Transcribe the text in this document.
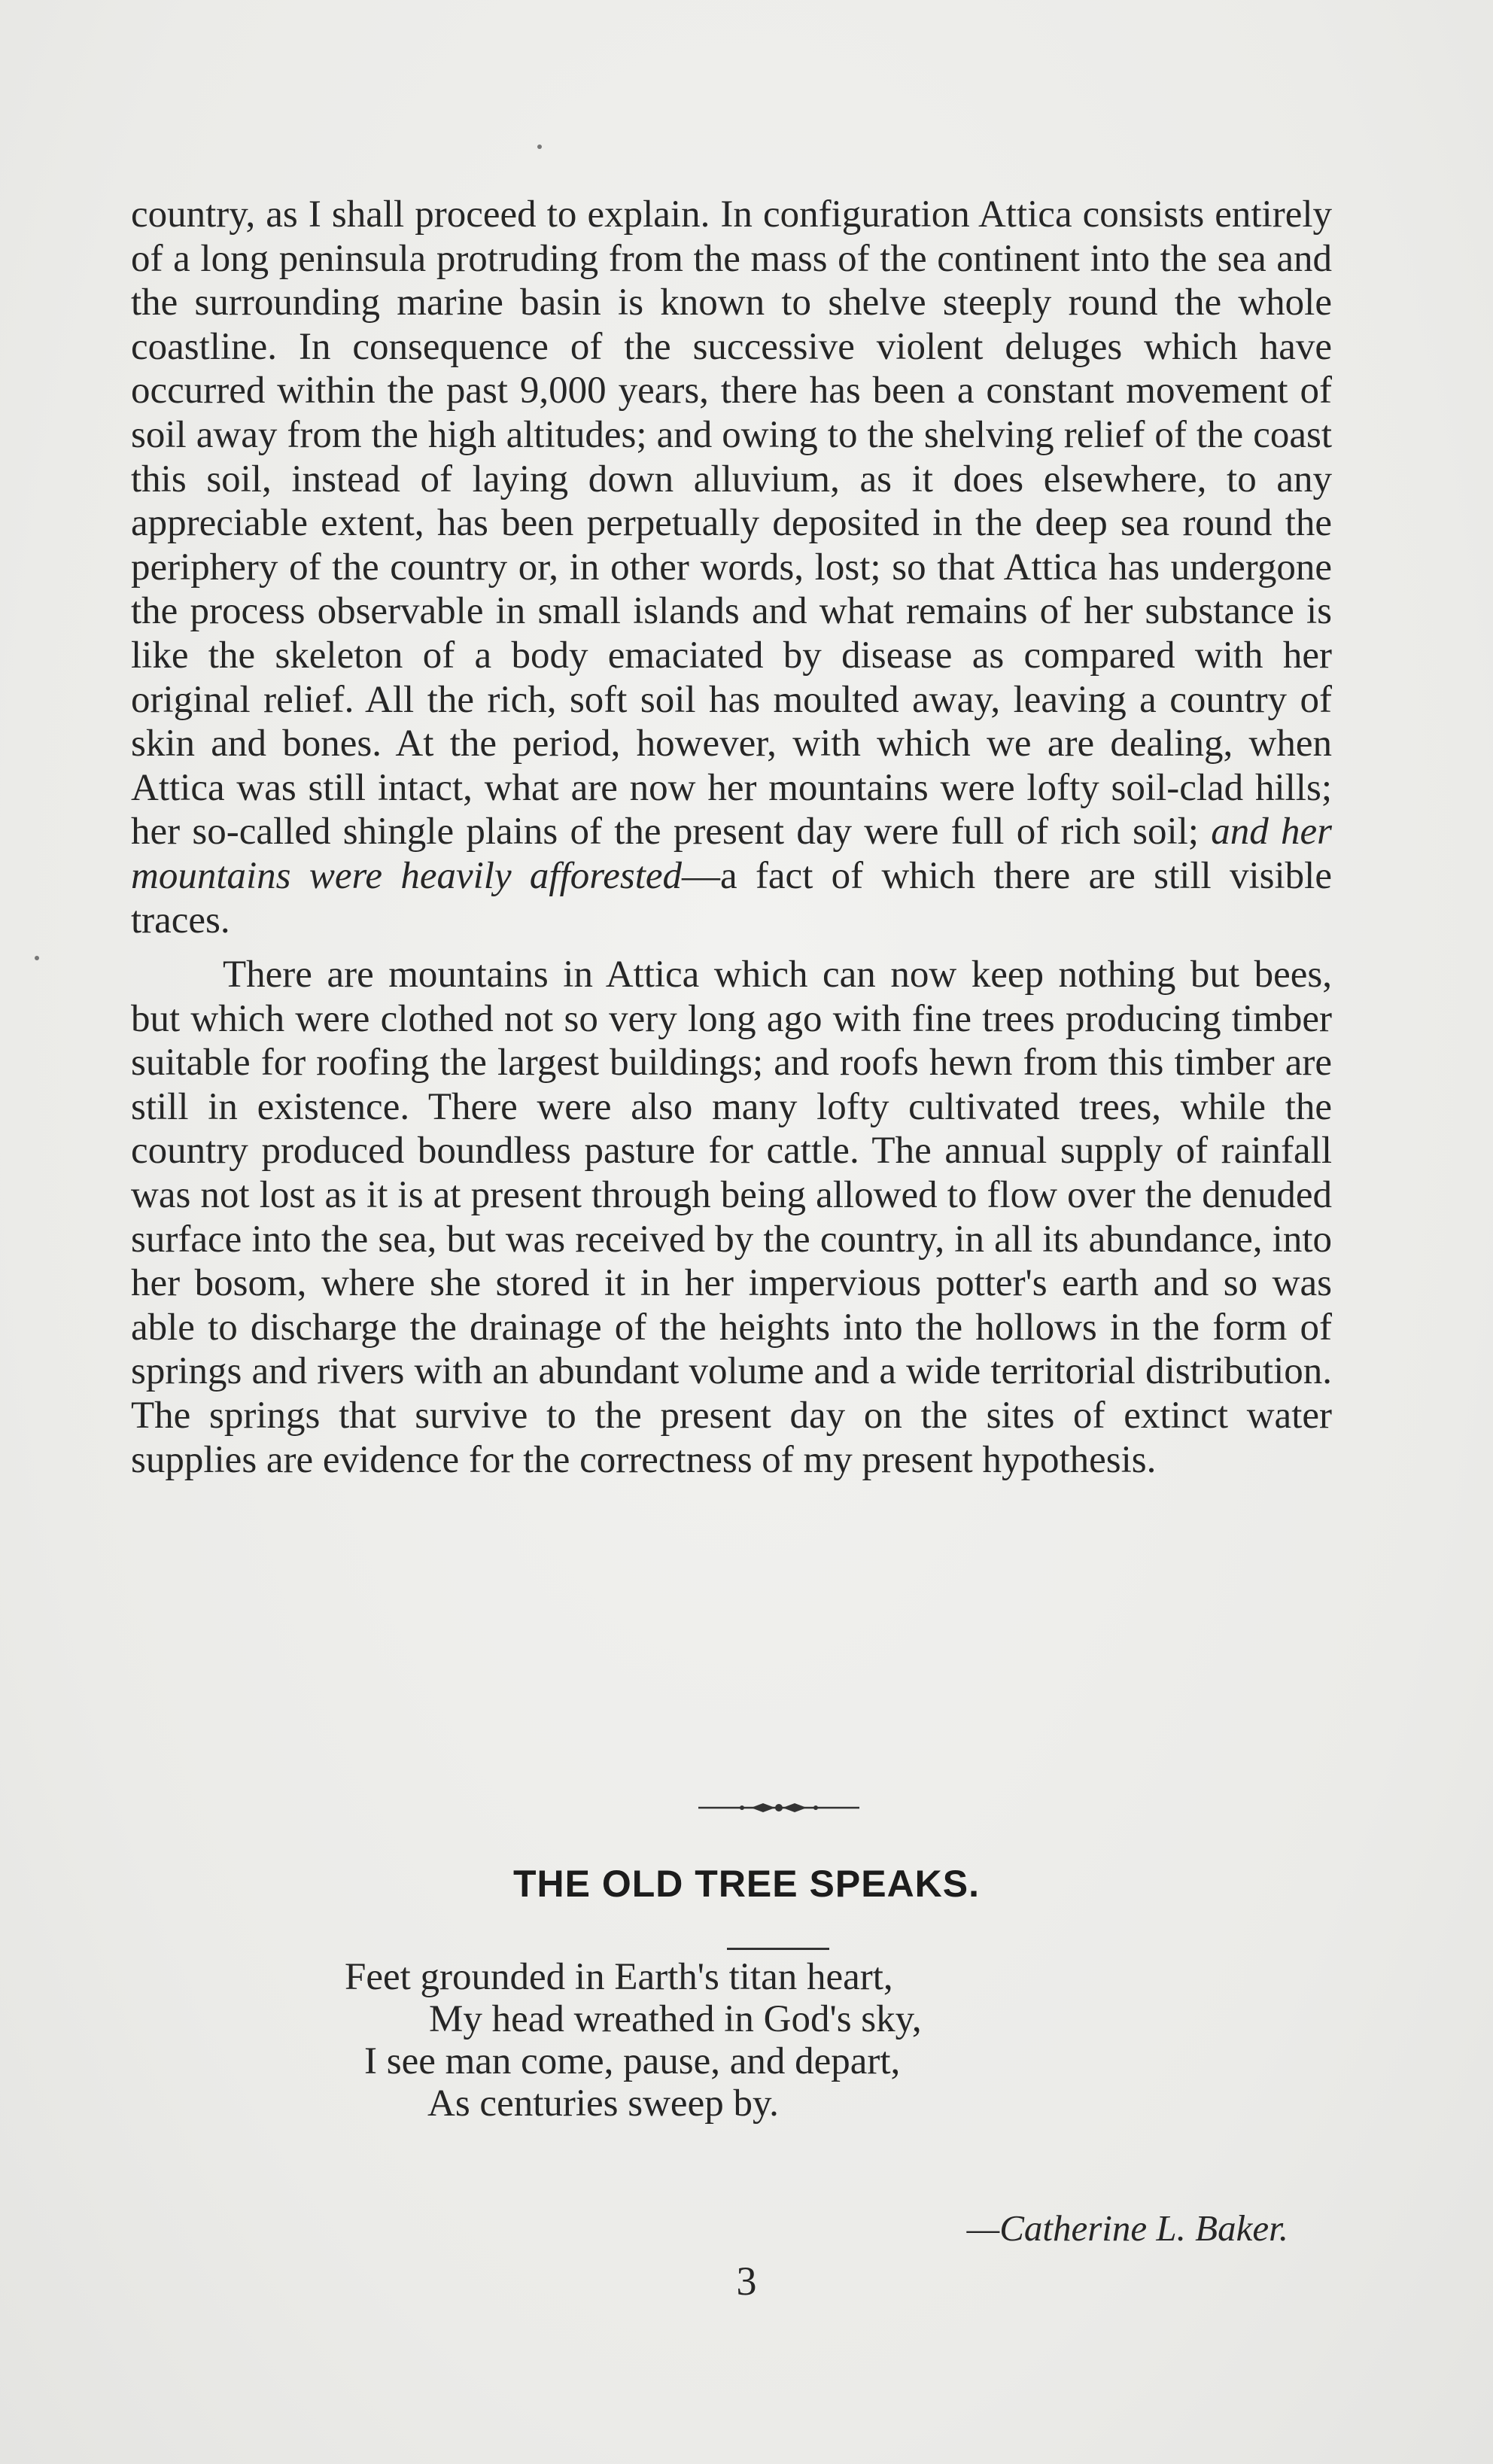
country, as I shall proceed to explain. In configuration Attica consists entirely of a long peninsula protruding from the mass of the continent into the sea and the surrounding marine basin is known to shelve steeply round the whole coastline. In consequence of the successive violent deluges which have occurred within the past 9,000 years, there has been a constant movement of soil away from the high altitudes; and owing to the shelving relief of the coast this soil, instead of laying down alluvium, as it does elsewhere, to any appreciable extent, has been perpetually deposited in the deep sea round the periphery of the country or, in other words, lost; so that Attica has undergone the process observable in small islands and what remains of her substance is like the skeleton of a body emaciated by disease as compared with her original relief. All the rich, soft soil has moulted away, leaving a country of skin and bones. At the period, however, with which we are dealing, when Attica was still intact, what are now her mountains were lofty soil-clad hills; her so-called shingle plains of the present day were full of rich soil; and her mountains were heavily afforested—a fact of which there are still visible traces.

There are mountains in Attica which can now keep nothing but bees, but which were clothed not so very long ago with fine trees producing timber suitable for roofing the largest buildings; and roofs hewn from this timber are still in existence. There were also many lofty cultivated trees, while the country produced boundless pasture for cattle. The annual supply of rainfall was not lost as it is at present through being allowed to flow over the denuded surface into the sea, but was received by the country, in all its abundance, into her bosom, where she stored it in her impervious potter's earth and so was able to discharge the drainage of the heights into the hollows in the form of springs and rivers with an abundant volume and a wide territorial distribution. The springs that survive to the present day on the sites of extinct water supplies are evidence for the correctness of my present hypothesis.

THE OLD TREE SPEAKS.
Feet grounded in Earth's titan heart,
My head wreathed in God's sky,
I see man come, pause, and depart,
As centuries sweep by.
—Catherine L. Baker.
3
